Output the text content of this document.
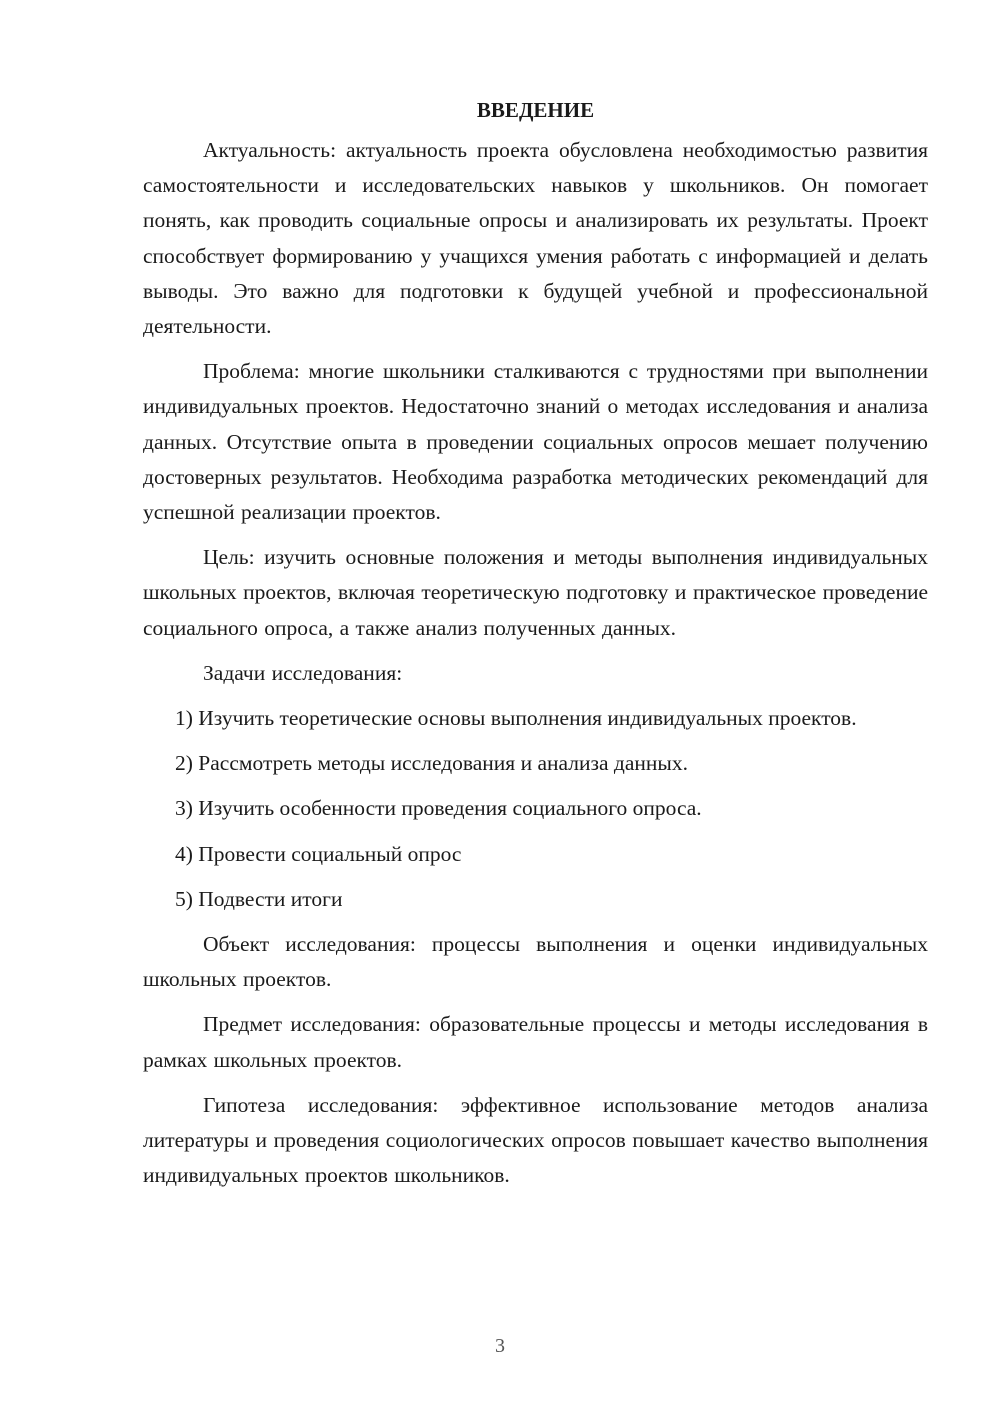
ВВЕДЕНИЕ

Актуальность: актуальность проекта обусловлена необходимостью развития самостоятельности и исследовательских навыков у школьников. Он помогает понять, как проводить социальные опросы и анализировать их результаты. Проект способствует формированию у учащихся умения работать с информацией и делать выводы. Это важно для подготовки к будущей учебной и профессиональной деятельности.

Проблема: многие школьники сталкиваются с трудностями при выполнении индивидуальных проектов. Недостаточно знаний о методах исследования и анализа данных. Отсутствие опыта в проведении социальных опросов мешает получению достоверных результатов. Необходима разработка методических рекомендаций для успешной реализации проектов.

Цель: изучить основные положения и методы выполнения индивидуальных школьных проектов, включая теоретическую подготовку и практическое проведение социального опроса, а также анализ полученных данных.

Задачи исследования:

1) Изучить теоретические основы выполнения индивидуальных проектов.

2) Рассмотреть методы исследования и анализа данных.

3) Изучить особенности проведения социального опроса.

4) Провести социальный опрос

5) Подвести итоги

Объект исследования: процессы выполнения и оценки индивидуальных школьных проектов.

Предмет исследования: образовательные процессы и методы исследования в рамках школьных проектов.

Гипотеза исследования: эффективное использование методов анализа литературы и проведения социологических опросов повышает качество выполнения индивидуальных проектов школьников.

3
